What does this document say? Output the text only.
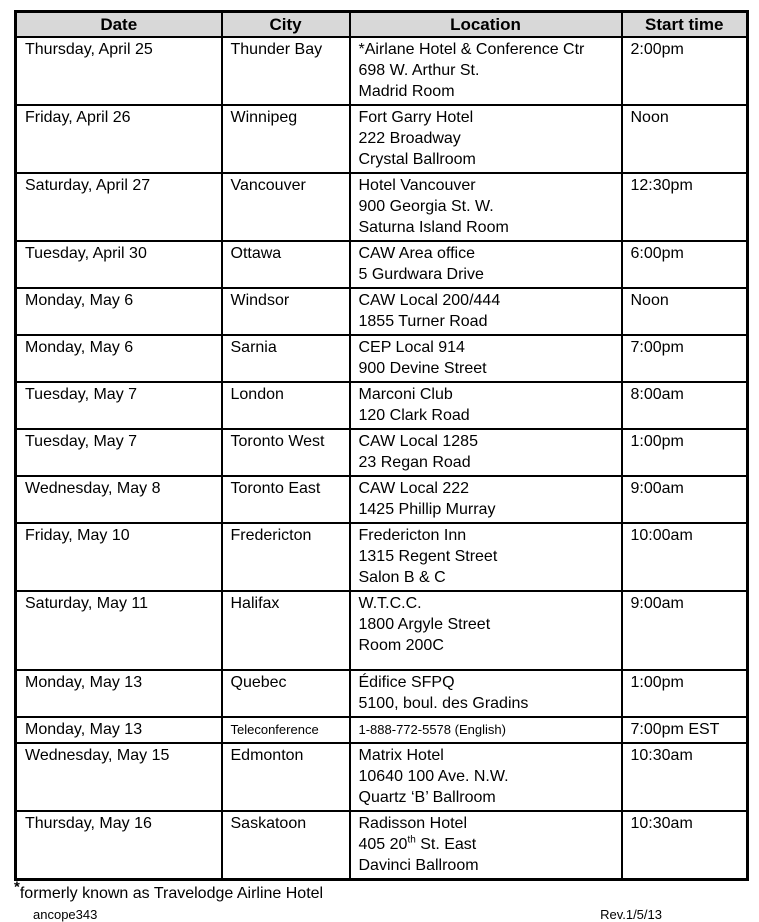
Date	City	Location	Start time
Thursday, April 25	Thunder Bay	*Airlane Hotel & Conference Ctr
698 W. Arthur St.
Madrid Room	2:00pm
Friday, April 26	Winnipeg	Fort Garry Hotel
222 Broadway
Crystal Ballroom	Noon
Saturday, April 27	Vancouver	Hotel Vancouver
900 Georgia St. W.
Saturna Island Room	12:30pm
Tuesday, April 30	Ottawa	CAW Area office
5 Gurdwara Drive	6:00pm
Monday, May 6	Windsor	CAW Local 200/444
1855 Turner Road	Noon
Monday, May 6	Sarnia	CEP Local 914
900 Devine Street	7:00pm
Tuesday, May 7	London	Marconi Club
120 Clark Road	8:00am
Tuesday, May 7	Toronto West	CAW Local 1285
23 Regan Road	1:00pm
Wednesday, May 8	Toronto East	CAW Local 222
1425 Phillip Murray	9:00am
Friday, May 10	Fredericton	Fredericton Inn
1315 Regent Street
Salon B & C	10:00am
Saturday, May 11	Halifax	W.T.C.C.
1800 Argyle Street
Room 200C	9:00am
Monday, May 13	Quebec	Édifice SFPQ
5100, boul. des Gradins	1:00pm
Monday, May 13	Teleconference	1-888-772-5578 (English)	7:00pm EST
Wednesday, May 15	Edmonton	Matrix Hotel
10640 100 Ave. N.W.
Quartz ‘B’ Ballroom	10:30am
Thursday, May 16	Saskatoon	Radisson Hotel
405 20th St. East
Davinci Ballroom	10:30am
*formerly known as Travelodge Airline Hotel
ancope343	Rev.1/5/13
